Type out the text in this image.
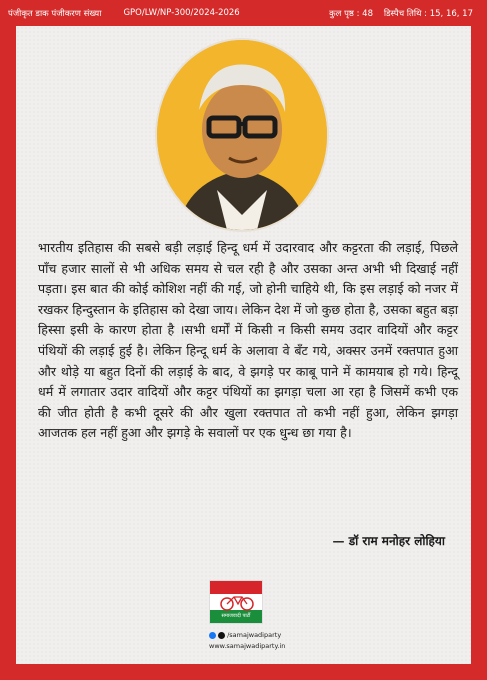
पंजीकृत डाक पंजीकरण संख्या	GPO/LW/NP-300/2024-2026	कुल पृष्ठ : 48 डिस्पैच तिथि : 15, 16, 17

भारतीय इतिहास की सबसे बड़ी लड़ाई हिन्दू धर्म में उदारवाद और कट्टरता की लड़ाई, पिछले पाँच हजार सालों से भी अधिक समय से चल रही है और उसका अन्त अभी भी दिखाई नहीं पड़ता। इस बात की कोई कोशिश नहीं की गई, जो होनी चाहिये थी, कि इस लड़ाई को नजर में रखकर हिन्दुस्तान के इतिहास को देखा जाय। लेकिन देश में जो कुछ होता है, उसका बहुत बड़ा हिस्सा इसी के कारण होता है ।सभी धर्मों में किसी न किसी समय उदार वादियों और कट्टर पंथियों की लड़ाई हुई है। लेकिन हिन्दू धर्म के अलावा वे बँट गये, अक्सर उनमें रक्तपात हुआ और थोड़े या बहुत दिनों की लड़ाई के बाद, वे झगड़े पर काबू पाने में कामयाब हो गये। हिन्दू धर्म में लगातार उदार वादियों और कट्टर पंथियों का झगड़ा चला आ रहा है जिसमें कभी एक की जीत होती है कभी दूसरे की और खुला रक्तपात तो कभी नहीं हुआ, लेकिन झगड़ा आजतक हल नहीं हुआ और झगड़े के सवालों पर एक धुन्ध छा गया है।

— डॉ राम मनोहर लोहिया
समाजवादी पार्टी
/samajwadiparty
www.samajwadiparty.in
